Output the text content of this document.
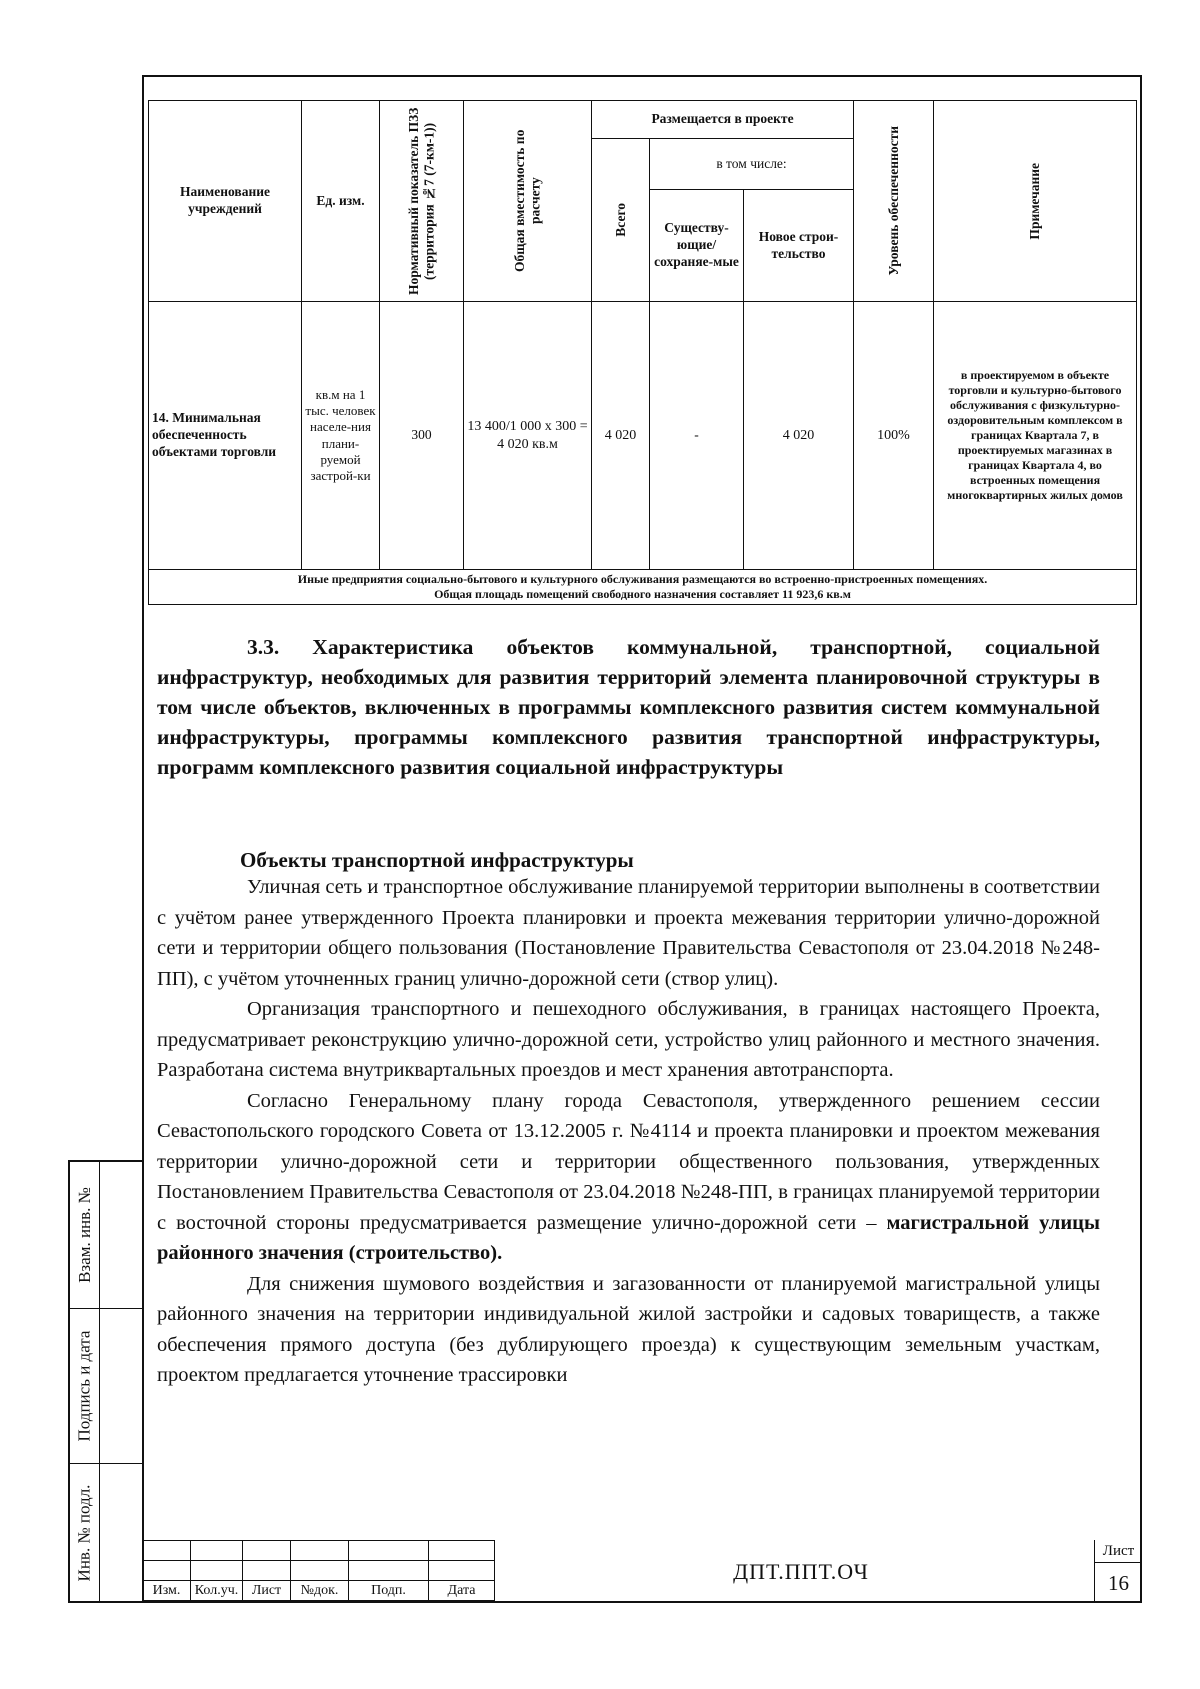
Взам. инв. №
Подпись и дата
Инв. № подл.
Наименование учреждений	Ед. изм.	Нормативный показатель ПЗЗ (территория №7 (7-км-1))	Общая вместимость по расчету	Размещается в проекте			Уровень обеспеченности	Примечание

				Всего	в том числе:			
					Существу-ющие/ сохраняе-мые	Новое строи-тельство		
14. Минимальная обеспеченность объектами торговли	кв.м на 1 тыс. человек населе-ния плани-руемой застрой-ки	300	13 400/1 000 х 300 = 4 020 кв.м	4 020	-	4 020	100%	в проектируемом в объекте торговли и культурно-бытового обслуживания с физкультурно-оздоровительным комплексом в границах Квартала 7, в проектируемых магазинах в границах Квартала 4, во встроенных помещения многоквартирных жилых домов

Иные предприятия социально-бытового и культурного обслуживания размещаются во встроенно-пристроенных помещениях.
Общая площадь помещений свободного назначения составляет 11 923,6 кв.м								
3.3. Характеристика объектов коммунальной, транспортной, социальной инфраструктур, необходимых для развития территорий элемента планировочной структуры в том числе объектов, включенных в программы комплексного развития систем коммунальной инфраструктуры, программы комплексного развития транспортной инфраструктуры, программ комплексного развития социальной инфраструктуры
Объекты транспортной инфраструктуры

Уличная сеть и транспортное обслуживание планируемой территории выполнены в соответствии с учётом ранее утвержденного Проекта планировки и проекта межевания территории улично-дорожной сети и территории общего пользования (Постановление Правительства Севастополя от 23.04.2018 №248-ПП), с учётом уточненных границ улично-дорожной сети (створ улиц).

Организация транспортного и пешеходного обслуживания, в границах настоящего Проекта, предусматривает реконструкцию улично-дорожной сети, устройство улиц районного и местного значения. Разработана система внутриквартальных проездов и мест хранения автотранспорта.

Согласно Генеральному плану города Севастополя, утвержденного решением сессии Севастопольского городского Совета от 13.12.2005 г. №4114 и проекта планировки и проектом межевания территории улично-дорожной сети и территории общественного пользования, утвержденных Постановлением Правительства Севастополя от 23.04.2018 №248-ПП, в границах планируемой территории с восточной стороны предусматривается размещение улично-дорожной сети – магистральной улицы районного значения (строительство).

Для снижения шумового воздействия и загазованности от планируемой магистральной улицы районного значения на территории индивидуальной жилой застройки и садовых товариществ, а также обеспечения прямого доступа (без дублирующего проезда) к существующим земельным участкам, проектом предлагается уточнение трассировки

Изм.	Кол.уч.	Лист	№док.	Подп.	Дата
ДПТ.ППТ.ОЧ
Лист
16
